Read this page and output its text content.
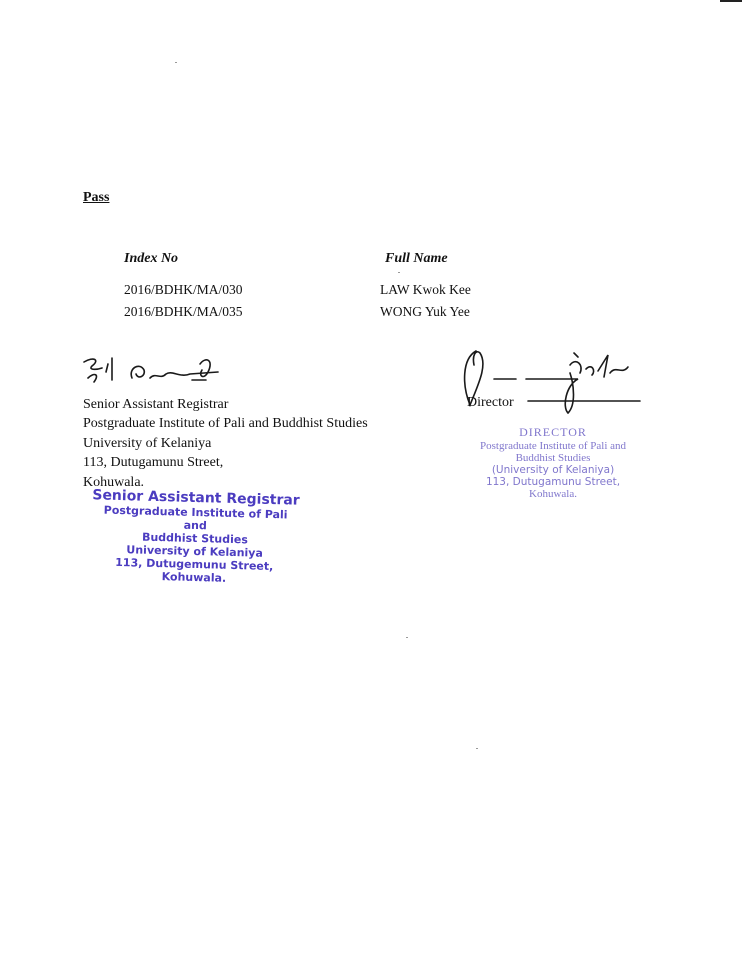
Pass
Index No	Full Name
2016/BDHK/MA/030	LAW Kwok Kee
2016/BDHK/MA/035	WONG Yuk Yee
Senior Assistant Registrar
Postgraduate Institute of Pali and Buddhist Studies
University of Kelaniya
113, Dutugamunu Street,
Kohuwala.
Director
Senior Assistant Registrar
Postgraduate Institute of Pali and
Buddhist Studies
University of Kelaniya
113, Dutugemunu Street,
Kohuwala.
DIRECTOR
Postgraduate Institute of Pali and
Buddhist Studies
(University of Kelaniya)
113, Dutugamunu Street,
Kohuwala.
